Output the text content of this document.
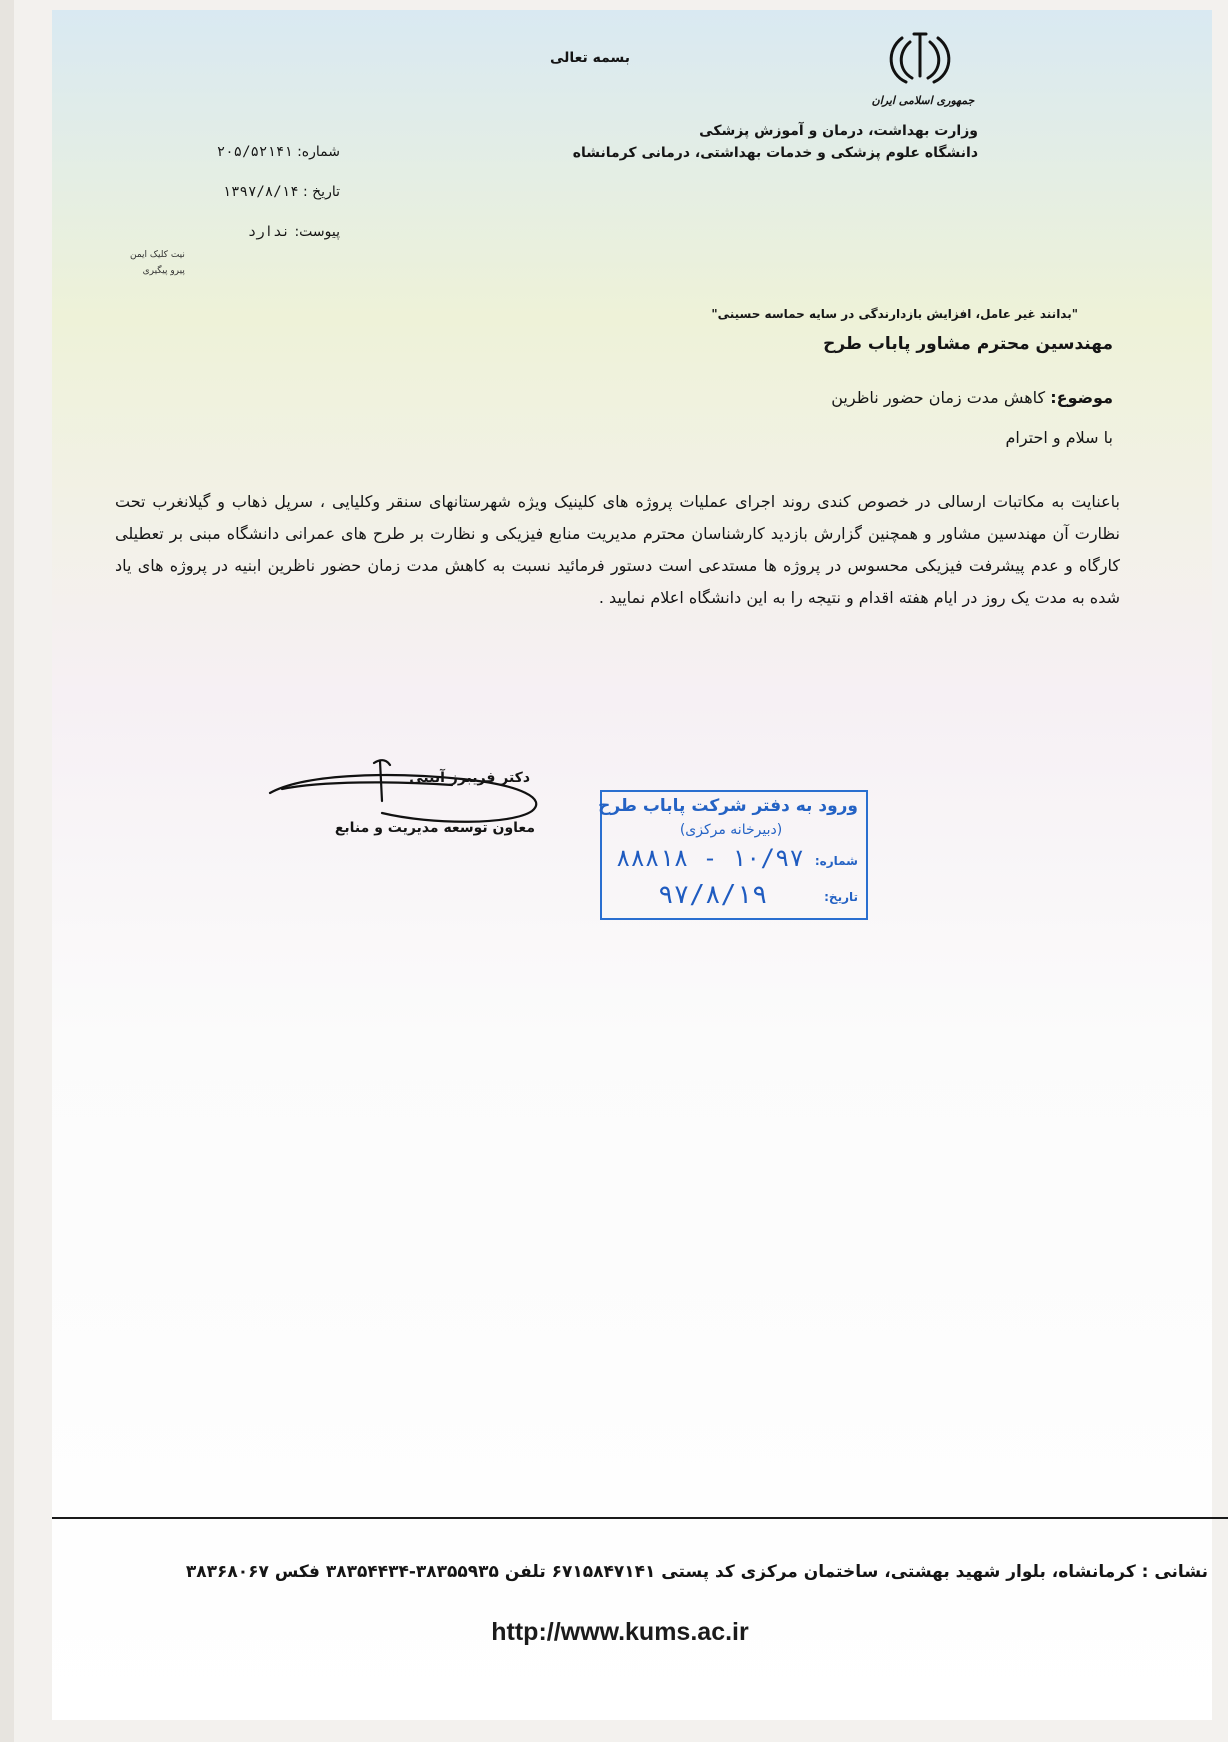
جمهوری اسلامی ایران
بسمه تعالی
وزارت بهداشت، درمان و آموزش پزشکی
دانشگاه علوم پزشکی و خدمات بهداشتی، درمانی کرمانشاه
شماره: ۲۰۵/۵۲۱۴۱
تاریخ : ۱۳۹۷/۸/۱۴
پیوست: ندارد
نیت کلیک ایمن
پیرو پیگیری
"بدانند غیر عامل، افزایش بازدارندگی در سایه حماسه حسینی"
مهندسین محترم مشاور پاباب طرح
موضوع: کاهش مدت زمان حضور ناظرین
با سلام و احترام
باعنایت به مکاتبات ارسالی در خصوص کندی روند اجرای عملیات پروژه های کلینیک ویژه شهرستانهای سنقر وکلیایی ، سرپل ذهاب و گیلانغرب تحت نظارت آن مهندسین مشاور و همچنین گزارش بازدید کارشناسان محترم مدیریت منابع فیزیکی و نظارت بر طرح های عمرانی دانشگاه مبنی بر تعطیلی کارگاه و عدم پیشرفت فیزیکی محسوس در پروژه ها مستدعی است دستور فرمائید نسبت به کاهش مدت زمان حضور ناظرین ابنیه در پروژه های یاد شده به مدت یک روز در ایام هفته اقدام و نتیجه را به این دانشگاه اعلام نمایید .
دکتر فریبرز آیینی
معاون توسعه مدیریت و منابع
ورود به دفتر شرکت پاباب طرح
(دبیرخانه مرکزی)
شماره:
تاریخ:
۱۰/۹۷ - ۸۸۸۱۸
۹۷/۸/۱۹
نشانی : کرمانشاه، بلوار شهید بهشتی، ساختمان مرکزی کد پستی ۶۷۱۵۸۴۷۱۴۱ تلفن ۳۸۳۵۵۹۳۵-۳۸۳۵۴۴۳۴ فکس ۳۸۳۶۸۰۶۷
http://www.kums.ac.ir
